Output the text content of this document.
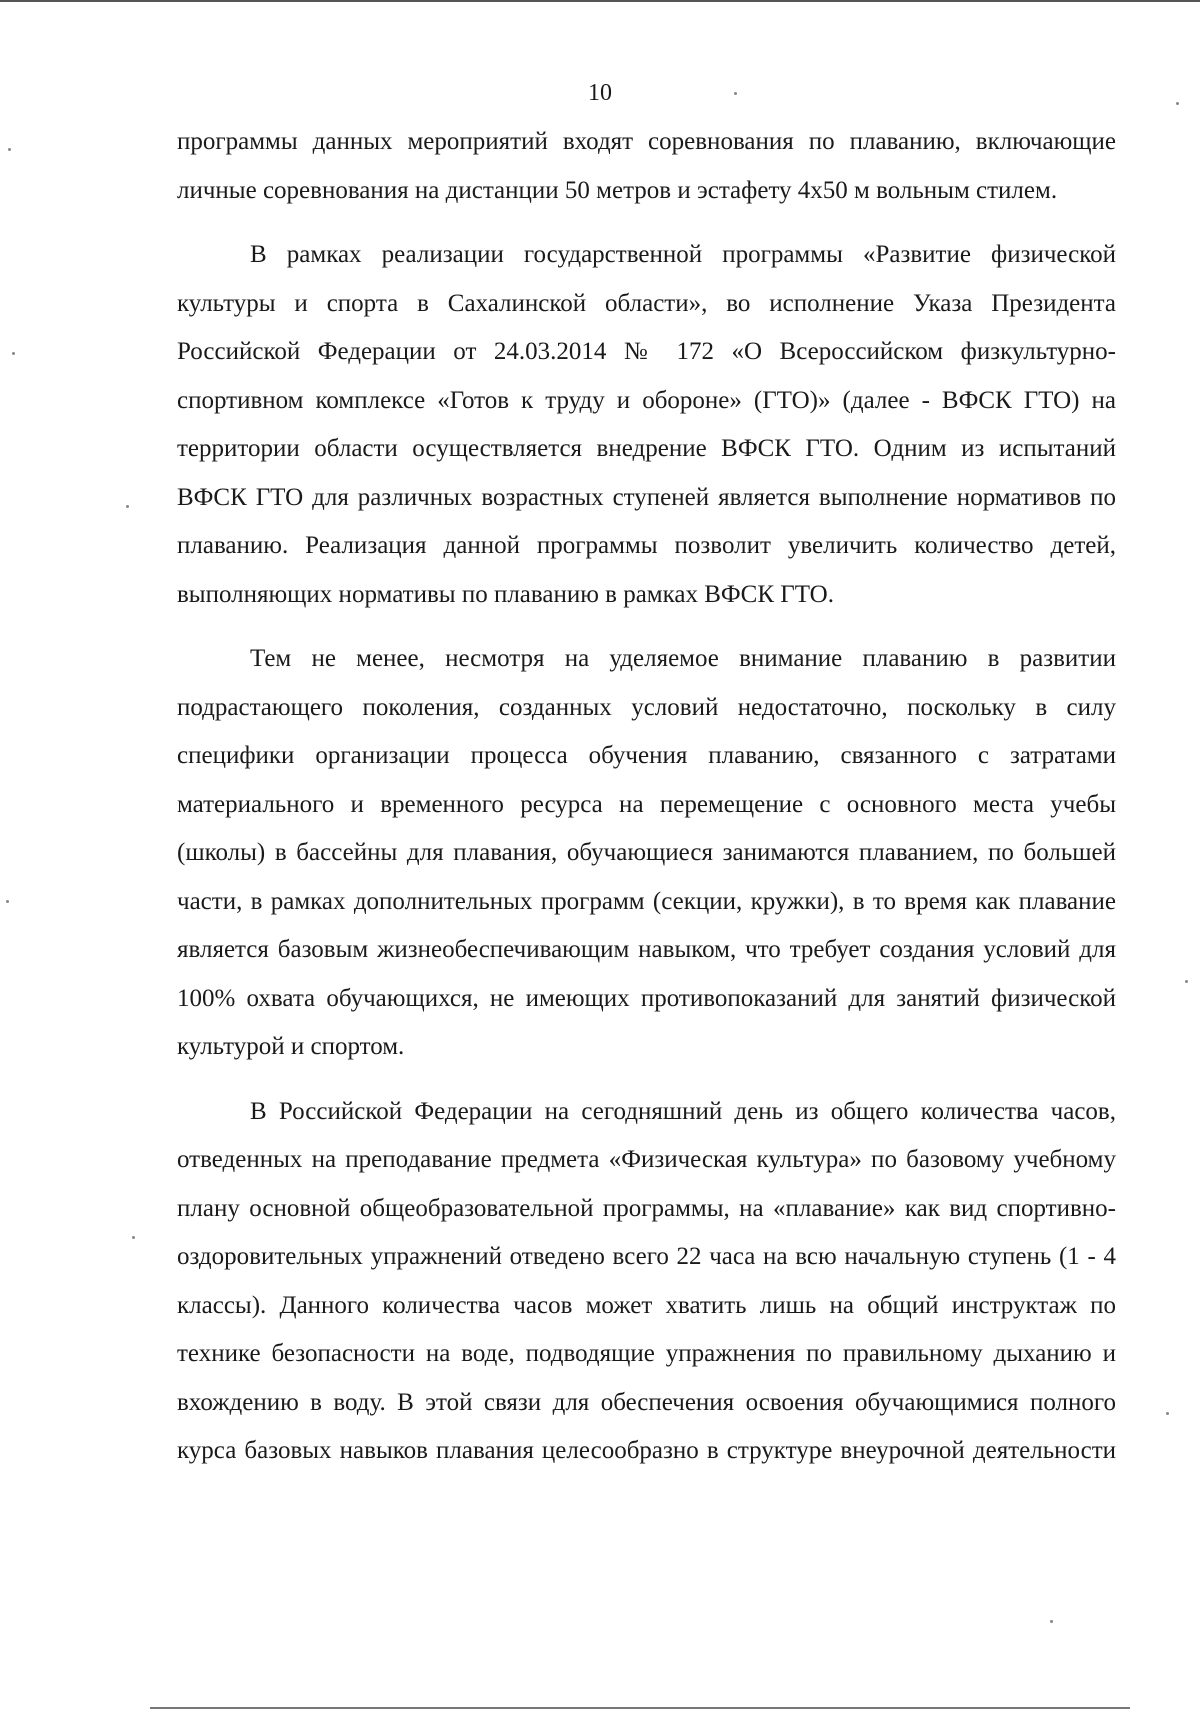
10

программы данных мероприятий входят соревнования по плаванию, включающие личные соревнования на дистанции 50 метров и эстафету 4x50 м вольным стилем.

В рамках реализации государственной программы «Развитие физической культуры и спорта в Сахалинской области», во исполнение Указа Президента Российской Федерации от 24.03.2014 № 172 «О Всероссийском физкультурно-спортивном комплексе «Готов к труду и обороне» (ГТО)» (далее - ВФСК ГТО) на территории области осуществляется внедрение ВФСК ГТО. Одним из испытаний ВФСК ГТО для различных возрастных ступеней является выполнение нормативов по плаванию. Реализация данной программы позволит увеличить количество детей, выполняющих нормативы по плаванию в рамках ВФСК ГТО.

Тем не менее, несмотря на уделяемое внимание плаванию в развитии подрастающего поколения, созданных условий недостаточно, поскольку в силу специфики организации процесса обучения плаванию, связанного с затратами материального и временного ресурса на перемещение с основного места учебы (школы) в бассейны для плавания, обучающиеся занимаются плаванием, по большей части, в рамках дополнительных программ (секции, кружки), в то время как плавание является базовым жизнеобеспечивающим навыком, что требует создания условий для 100% охвата обучающихся, не имеющих противопоказаний для занятий физической культурой и спортом.

В Российской Федерации на сегодняшний день из общего количества часов, отведенных на преподавание предмета «Физическая культура» по базовому учебному плану основной общеобразовательной программы, на «плавание» как вид спортивно-оздоровительных упражнений отведено всего 22 часа на всю начальную ступень (1 - 4 классы). Данного количества часов может хватить лишь на общий инструктаж по технике безопасности на воде, подводящие упражнения по правильному дыханию и вхождению в воду. В этой связи для обеспечения освоения обучающимися полного курса базовых навыков плавания целесообразно в структуре внеурочной деятельности
